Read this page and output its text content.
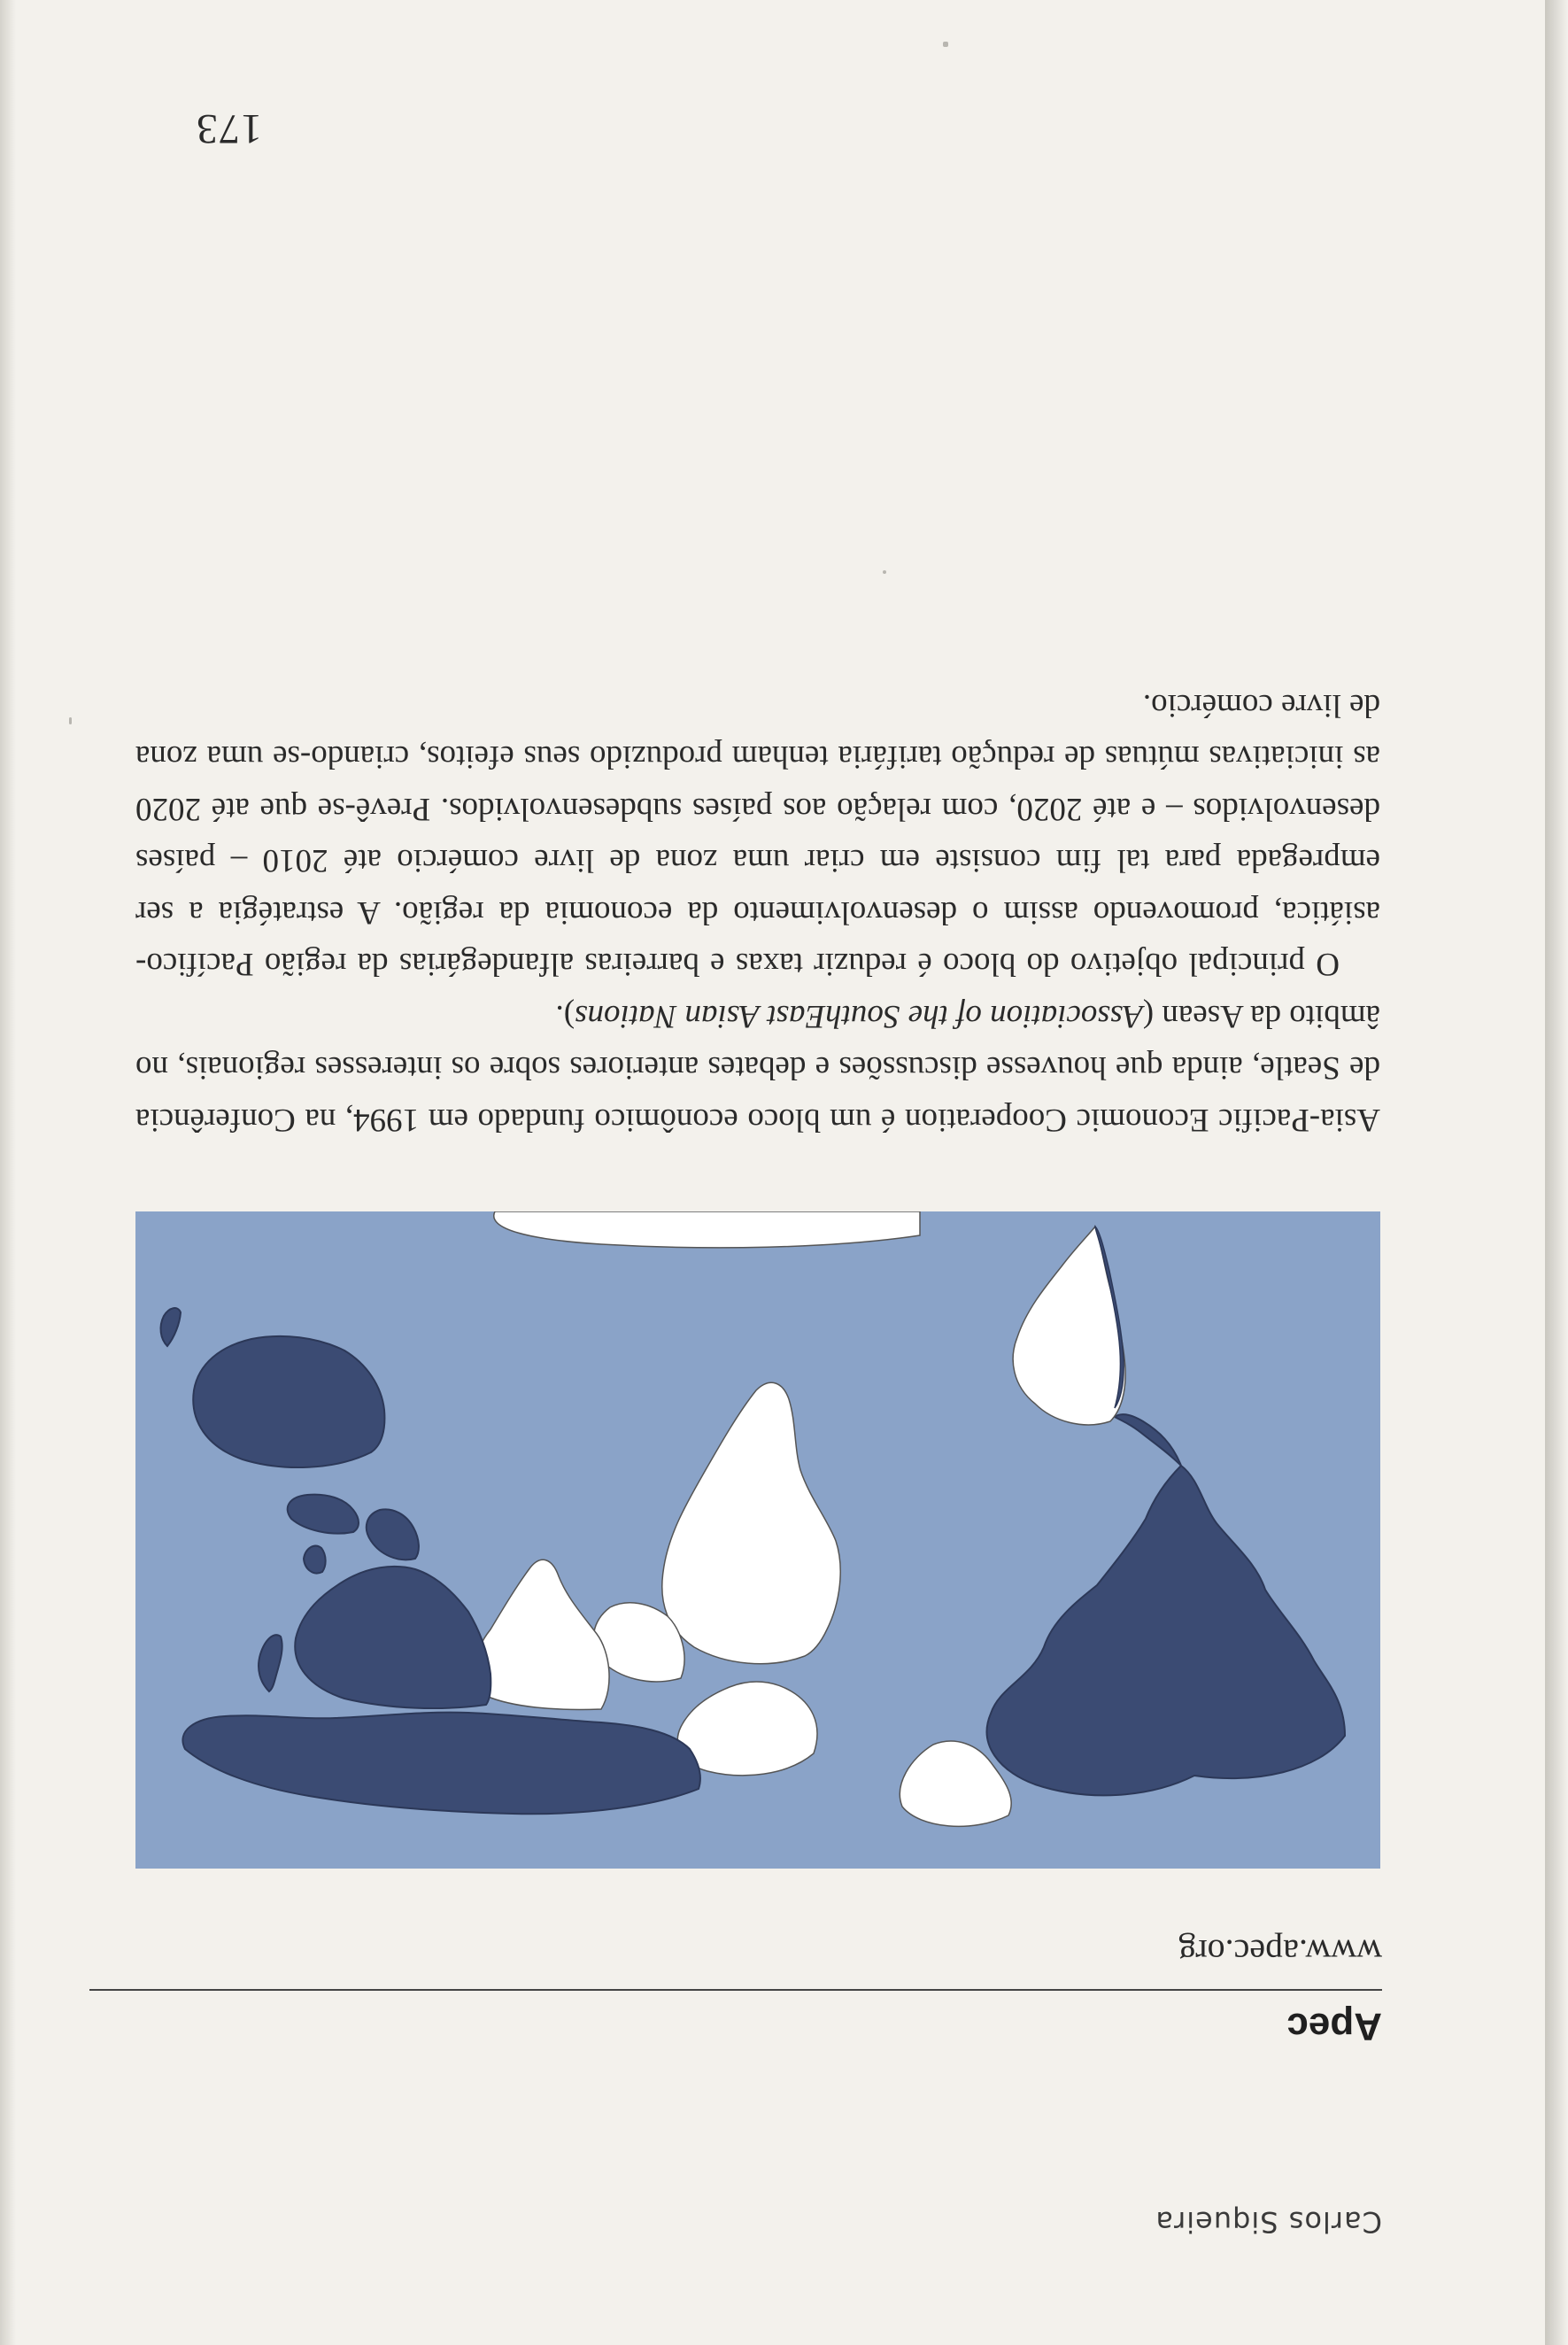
Carlos Siqueira
Apec
www.apec.org

Asia-Pacific Economic Cooperation é um bloco econômico fundado em 1994, na Conferência de Seatle, ainda que houvesse discussões e debates anteriores sobre os interesses regionais, no âmbito da Asean (Association of the SouthEast Asian Nations).

O principal objetivo do bloco é reduzir taxas e barreiras alfandegárias da região Pacífico-asiática, promovendo assim o desenvolvimento da economia da região. A estratégia a ser empregada para tal fim consiste em criar uma zona de livre comércio até 2010 – países desenvolvidos – e até 2020, com relação aos países subdesenvolvidos. Prevê-se que até 2020 as iniciativas mútuas de redução tarifária tenham produzido seus efeitos, criando-se uma zona de livre comércio.

173
